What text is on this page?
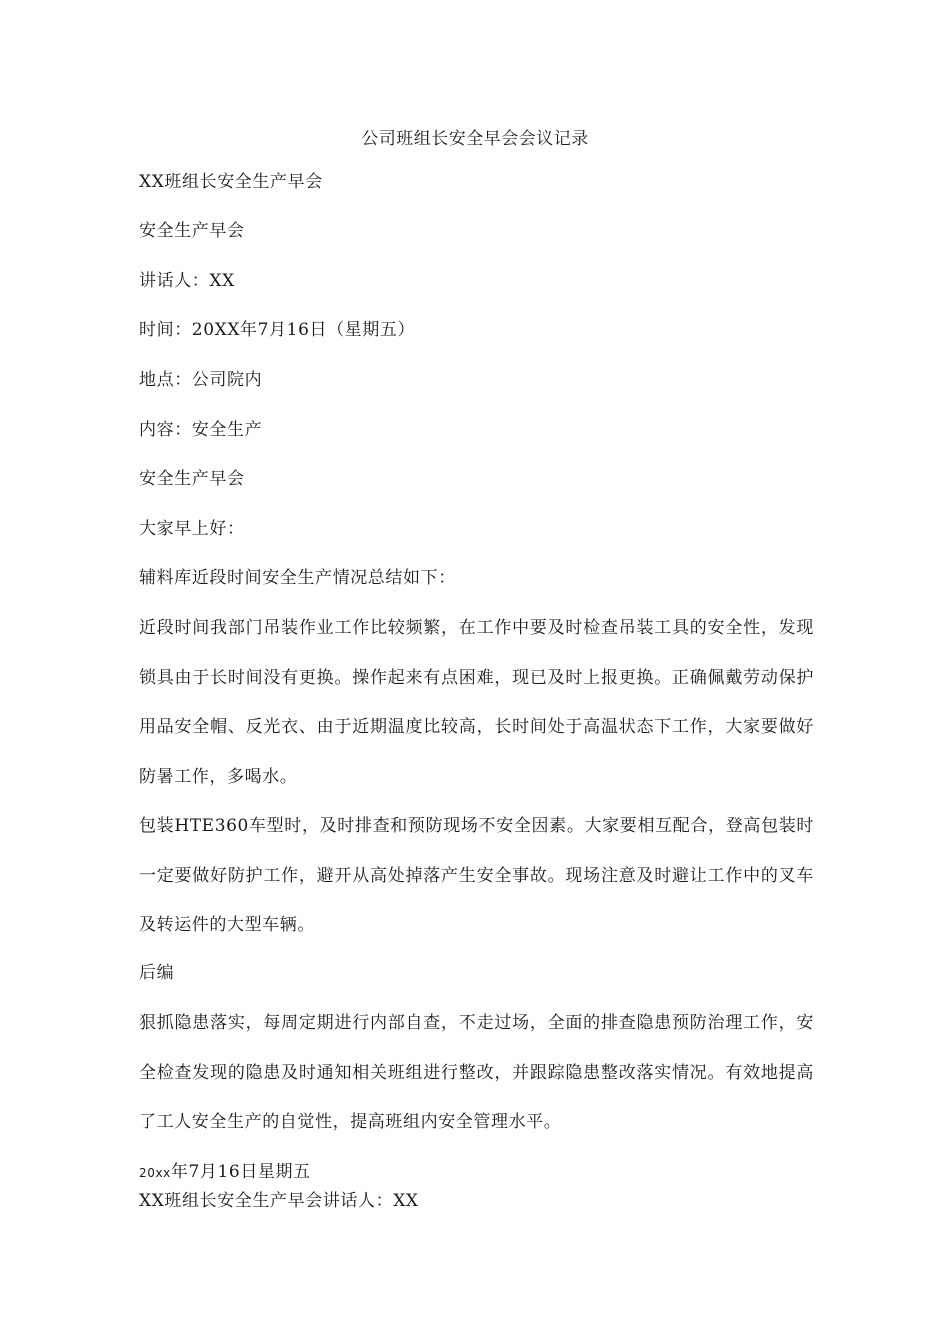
公司班组长安全早会会议记录
XX班组长安全生产早会
安全生产早会
讲话人：XX
时间：20XX年7月16日（星期五）
地点：公司院内
内容：安全生产
安全生产早会
大家早上好：
辅料库近段时间安全生产情况总结如下：
近段时间我部门吊装作业工作比较频繁，在工作中要及时检查吊装工具的安全性，发现锁具由于长时间没有更换。操作起来有点困难，现已及时上报更换。正确佩戴劳动保护用品安全帽、反光衣、由于近期温度比较高，长时间处于高温状态下工作，大家要做好防暑工作，多喝水。
包装HTE360车型时，及时排查和预防现场不安全因素。大家要相互配合，登高包装时一定要做好防护工作，避开从高处掉落产生安全事故。现场注意及时避让工作中的叉车及转运件的大型车辆。
后编
狠抓隐患落实，每周定期进行内部自查，不走过场，全面的排查隐患预防治理工作，安全检查发现的隐患及时通知相关班组进行整改，并跟踪隐患整改落实情况。有效地提高了工人安全生产的自觉性，提高班组内安全管理水平。
20xx年7月16日星期五
XX班组长安全生产早会讲话人：XX
